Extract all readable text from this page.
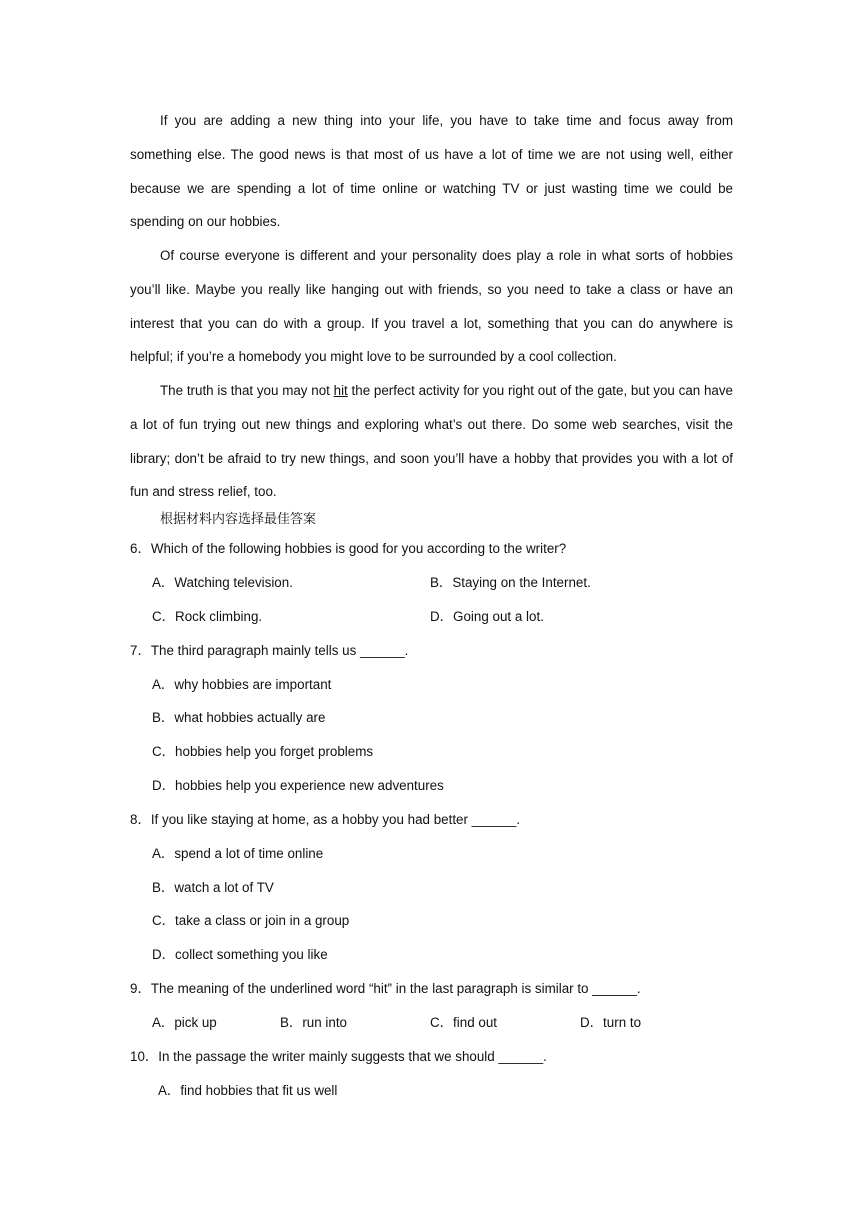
If you are adding a new thing into your life, you have to take time and focus away from something else. The good news is that most of us have a lot of time we are not using well, either because we are spending a lot of time online or watching TV or just wasting time we could be spending on our hobbies.

Of course everyone is different and your personality does play a role in what sorts of hobbies you’ll like. Maybe you really like hanging out with friends, so you need to take a class or have an interest that you can do with a group. If you travel a lot, something that you can do anywhere is helpful; if you’re a homebody you might love to be surrounded by a cool collection.

The truth is that you may not hit the perfect activity for you right out of the gate, but you can have a lot of fun trying out new things and exploring what’s out there. Do some web searches, visit the library; don’t be afraid to try new things, and soon you’ll have a hobby that provides you with a lot of fun and stress relief, too.

根据材料内容选择最佳答案
6．Which of the following hobbies is good for you according to the writer?
A．Watching television.	B．Staying on the Internet.
C．Rock climbing.	D．Going out a lot.
7．The third paragraph mainly tells us ______.
A．why hobbies are important
B．what hobbies actually are
C．hobbies help you forget problems
D．hobbies help you experience new adventures
8．If you like staying at home, as a hobby you had better ______.
A．spend a lot of time online
B．watch a lot of TV
C．take a class or join in a group
D．collect something you like
9．The meaning of the underlined word “hit” in the last paragraph is similar to ______.
A．pick up	B．run into	C．find out	D．turn to
10．In the passage the writer mainly suggests that we should ______.
A．find hobbies that fit us well
